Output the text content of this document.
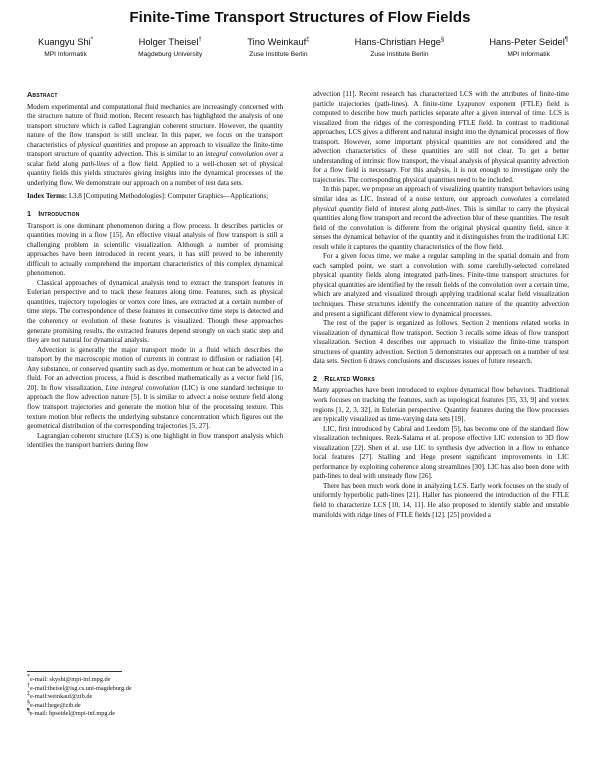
Finite-Time Transport Structures of Flow Fields
Kuangyu Shi*
MPI Informatik
Holger Theisel†
Magdeburg University
Tino Weinkauf‡
Zuse Institute Berlin
Hans-Christian Hege§
Zuse Institute Berlin
Hans-Peter Seidel¶
MPI Informatik
Abstract

Modern experimental and computational fluid mechanics are increasingly concerned with the structure nature of fluid motion. Recent research has highlighted the analysis of one transport structure which is called Lagrangian coherent structure. However, the quantity nature of the flow transport is still unclear. In this paper, we focus on the transport characteristics of physical quantities and propose an approach to visualize the finite-time transport structure of quantity advection. This is similar to an integral convolution over a scalar field along path-lines of a flow field. Applied to a well-chosen set of physical quantity fields this yields structures giving insights into the dynamical processes of the underlying flow. We demonstrate our approach on a number of test data sets.

Index Terms: I.3.8 [Computing Methodologies]: Computer Graphics—Applications;

1 Introduction

Transport is one dominant phenomenon during a flow process. It describes particles or quantities moving in a flow [15]. An effective visual analysis of flow transport is still a challenging problem in scientific visualization. Although a number of promising approaches have been introduced in recent years, it has still proved to be inherently difficult to actually comprehend the important characteristics of this complex dynamical phenomenon.

Classical approaches of dynamical analysis tend to extract the transport features in Eulerian perspective and to track these features along time. Features, such as physical quantities, trajectory topologies or vortex core lines, are extracted at a certain number of time steps. The correspondence of these features in consecutive time steps is detected and the coherency or evolution of these features is visualized. Though these approaches generate promising results, the extracted features depend strongly on each static step and they are not natural for dynamical analysis.

Advection is generally the major transport mode in a fluid which describes the transport by the macroscopic motion of currents in contrast to diffusion or radiation [4]. Any substance, or conserved quantity such as dye, momentum or heat can be advected in a fluid. For an advection process, a fluid is described mathematically as a vector field [16, 20]. In flow visualization, Line integral convolution (LIC) is one standard technique to approach the flow advection nature [5]. It is similar to advect a noise texture field along flow transport trajectories and generate the motion blur of the processing texture. This texture motion blur reflects the underlying substance concentration which figures out the geometrical distribution of the corresponding trajectories [5, 27].

Lagrangian coherent structure (LCS) is one highlight in flow transport analysis which identifies the transport barriers during flow

*e-mail: skyshi@mpi-inf.mpg.de
†e-mail:theisel@isg.cs.uni-magdeburg.de
‡e-mail:weinkauf@zib.de
§e-mail:hege@zib.de
¶e-mail: hpseidel@mpi-inf.mpg.de

advection [11]. Recent research has characterized LCS with the attributes of finite-time particle trajectories (path-lines). A finite-time Lyapunov exponent (FTLE) field is computed to describe how much particles separate after a given interval of time. LCS is visualized from the ridges of the corresponding FTLE field. In contrast to traditional approaches, LCS gives a different and natural insight into the dynamical processes of flow transport. However, some important physical quantities are not considered and the advection characteristics of these quantities are still not clear. To get a better understanding of intrinsic flow transport, the visual analysis of physical quantity advection for a flow field is necessary. For this analysis, it is not enough to investigate only the trajectories. The corresponding physical quantities need to be included.

In this paper, we propose an approach of visualizing quantity transport behaviors using similar idea as LIC. Instead of a noise texture, our approach convolutes a correlated physical quantity field of interest along path-lines. This is similar to carry the physical quantities along flow transport and record the advection blur of these quantities. The result field of the convolution is different from the original physical quantity field, since it senses the dynamical behavior of the quantity and it distinguishes from the traditional LIC result while it captures the quantity characteristics of the flow field.

For a given focus time, we make a regular sampling in the spatial domain and from each sampled point, we start a convolution with some carefully-selected correlated physical quantity fields along integrated path-lines. Finite-time transport structures for physical quantities are identified by the result fields of the convolution over a certain time, which are analyzed and visualized through applying traditional scalar field visualization techniques. These structures identify the concentration nature of the quantity advection and present a significant different view to dynamical processes.

The rest of the paper is organized as follows. Section 2 mentions related works in visualization of dynamical flow transport. Section 3 recalls some ideas of flow transport visualization. Section 4 describes our approach to visualize the finite-time transport structures of quantity advection. Section 5 demonstrates our approach on a number of test data sets. Section 6 draws conclusions and discusses issues of future research.

2 Related Works

Many approaches have been introduced to explore dynamical flow behaviors. Traditional work focuses on tracking the features, such as topological features [35, 33, 9] and vortex regions [1, 2, 3, 32], in Eulerian perspective. Quantity features during the flow processes are typically visualized as time-varying data sets [19].

LIC, first introduced by Cabral and Leedom [5], has become one of the standard flow visualization techniques. Rezk-Salama et al. propose effective LIC extension to 3D flow visualization [22]. Shen et al. use LIC to synthesis dye advection in a flow to enhance local features [27]. Stalling and Hege present significant improvements in LIC performance by exploiting coherence along streamlines [30]. LIC has also been done with path-lines to deal with unsteady flow [26].

There has been much work done in analyzing LCS. Early work focuses on the study of uniformly hyperbolic path-lines [21]. Haller has pioneered the introduction of the FTLE field to characterize LCS [10, 14, 11]. He also proposed to identify stable and unstable manifolds with ridge lines of FTLE fields [12]. [25] provided a
